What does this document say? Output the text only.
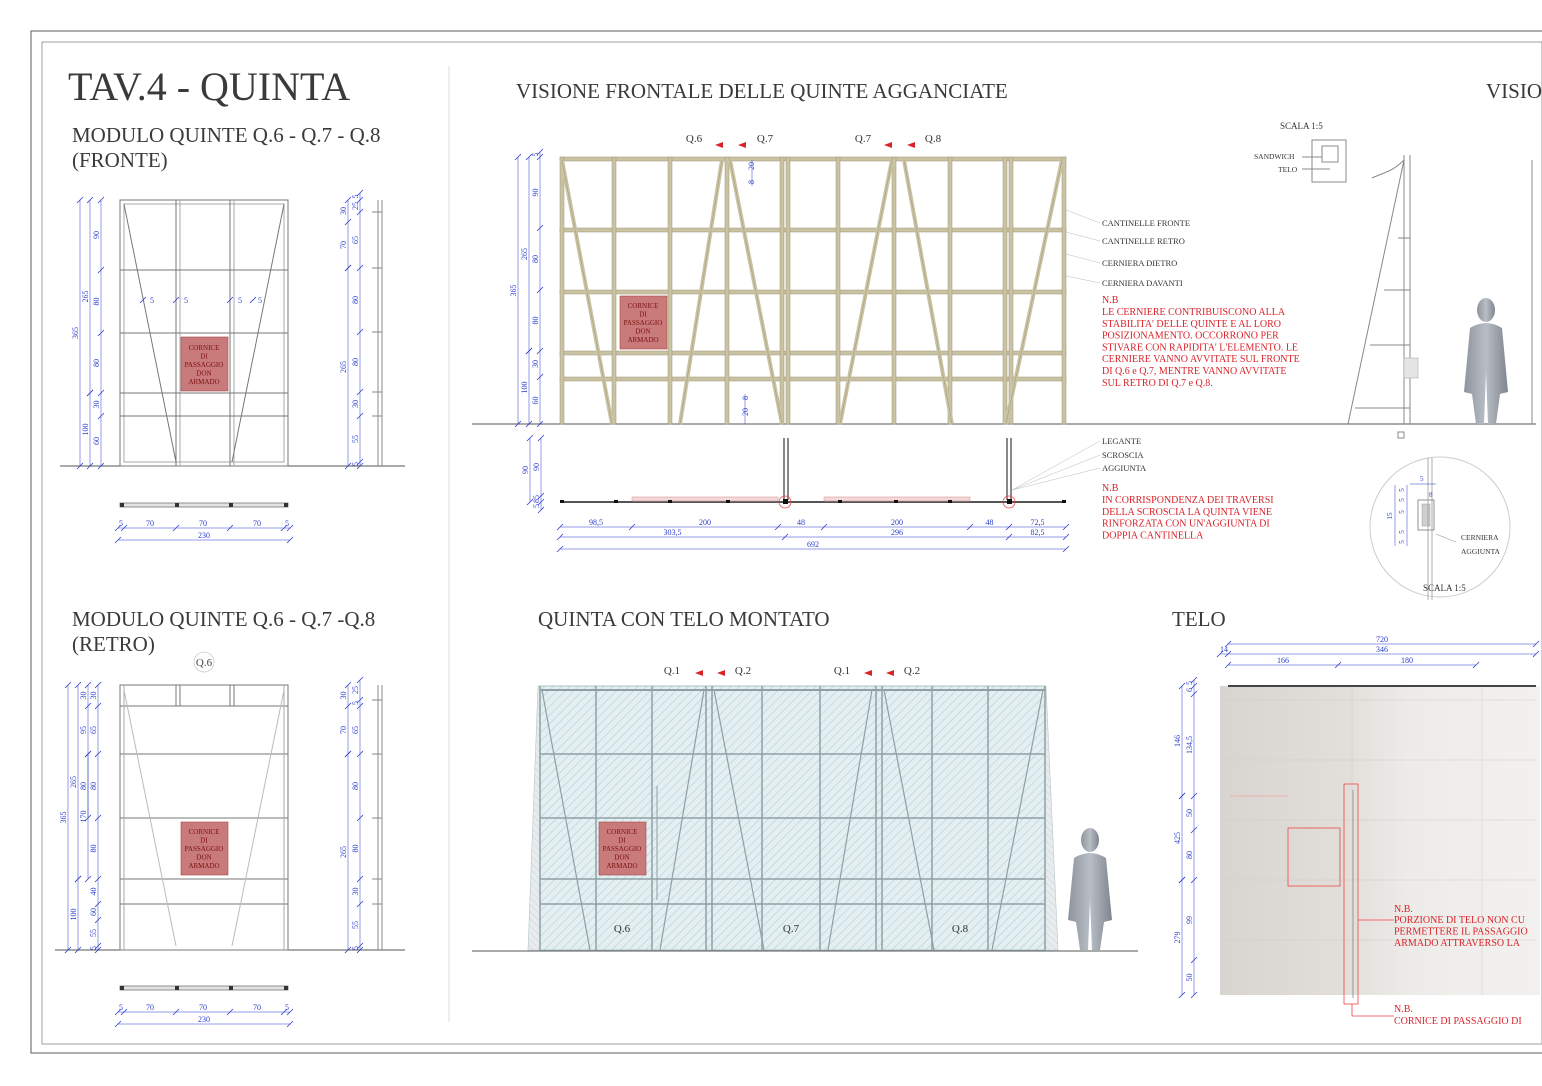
TAV.4 - QUINTA
MODULO QUINTE Q.6 - Q.7 - Q.8
(FRONTE)
VISIONE FRONTALE DELLE QUINTE AGGANCIATE	VISIO
MODULO QUINTE Q.6 - Q.7 -Q.8
(RETRO)
QUINTA CON TELO MONTATO	TELO
CORNICE
DI
PASSAGGIO
DON
ARMADO
365
265
100
90
80
80
30
60
5	5	5 5
30
70
265
5
25
65
80
80
30
55
5
5	70	70	70	5
230
CORNICE
DI
PASSAGGIO
DON
ARMADO
Q.6
365
265
100
30
95
80
170
30
65
80
80
40
60
55
5
30
70
265
25
5
65
80
80
30
55
5
5	70	70	70	5
230
CORNICE
DI
PASSAGGIO
DON
ARMADO
Q.6	Q.7	Q.7	Q.8
365
265
100
5
90
80
80
30
60
8
20
20
8
CANTINELLE FRONTE
CANTINELLE RETRO
CERNIERA DIETRO
CERNIERA DAVANTI
N.B
LE CERNIERE CONTRIBUISCONO ALLA
STABILITA' DELLE QUINTE E AL LORO
POSIZIONAMENTO. OCCORRONO PER
STIVARE CON RAPIDITA' L'ELEMENTO. LE
CERNIERE VANNO AVVITATE SUL FRONTE
DI Q.6 e Q.7, MENTRE VANNO AVVITATE
SUL RETRO DI Q.7 e Q.8.
90 90
85
5
98,5	200	48	200	48	72,5
303,5	296	82,5
692
LEGANTE
SCROSCIA
AGGIUNTA
N.B
IN CORRISPONDENZA DEI TRAVERSI
DELLA SCROSCIA LA QUINTA VIENE
RINFORZATA CON UN'AGGIUNTA DI
DOPPIA CANTINELLA
SCALA 1:5
SANDWICH
TELO
SCALA 1:5
CERNIERA
AGGIUNTA
5
5
5
5
8
15
5
5
CORNICE
DI
PASSAGGIO
DON
ARMADO
Q.1	Q.2	Q.1	Q.2
Q.6	Q.7	Q.8
720
14	346
166	180
146
425
279
5
6
134,5
50
80
99
50
N.B.
PORZIONE DI TELO NON CU
PERMETTERE IL PASSAGGIO
ARMADO ATTRAVERSO LA
N.B.
CORNICE DI PASSAGGIO DI
